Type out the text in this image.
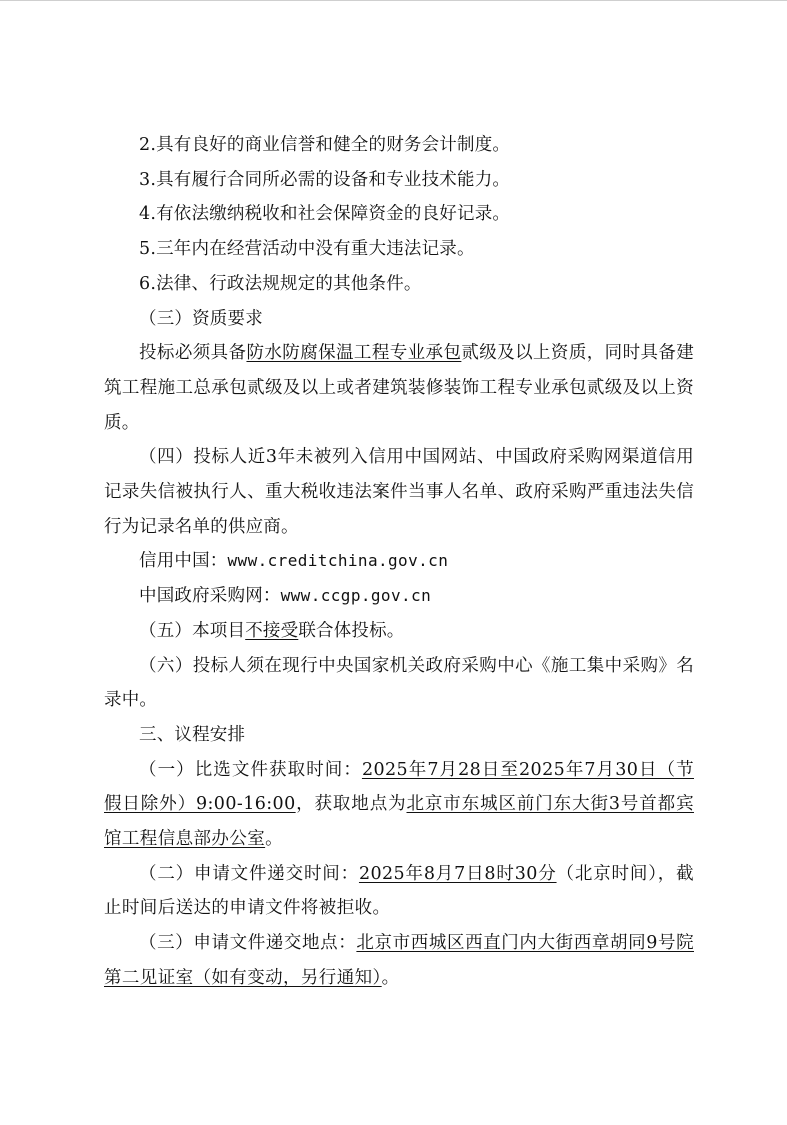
2.具有良好的商业信誉和健全的财务会计制度。

3.具有履行合同所必需的设备和专业技术能力。

4.有依法缴纳税收和社会保障资金的良好记录。

5.三年内在经营活动中没有重大违法记录。

6.法律、行政法规规定的其他条件。

（三）资质要求

投标必须具备防水防腐保温工程专业承包贰级及以上资质，同时具备建筑工程施工总承包贰级及以上或者建筑装修装饰工程专业承包贰级及以上资质。

（四）投标人近3年未被列入信用中国网站、中国政府采购网渠道信用记录失信被执行人、重大税收违法案件当事人名单、政府采购严重违法失信行为记录名单的供应商。

信用中国：www.creditchina.gov.cn

中国政府采购网：www.ccgp.gov.cn

（五）本项目不接受联合体投标。

（六）投标人须在现行中央国家机关政府采购中心《施工集中采购》名录中。

三、议程安排

（一）比选文件获取时间：2025年7月28日至2025年7月30日（节假日除外）9:00-16:00，获取地点为北京市东城区前门东大街3号首都宾馆工程信息部办公室。

（二）申请文件递交时间：2025年8月7日8时30分（北京时间），截止时间后送达的申请文件将被拒收。

（三）申请文件递交地点：北京市西城区西直门内大街西章胡同9号院第二见证室（如有变动，另行通知）。
